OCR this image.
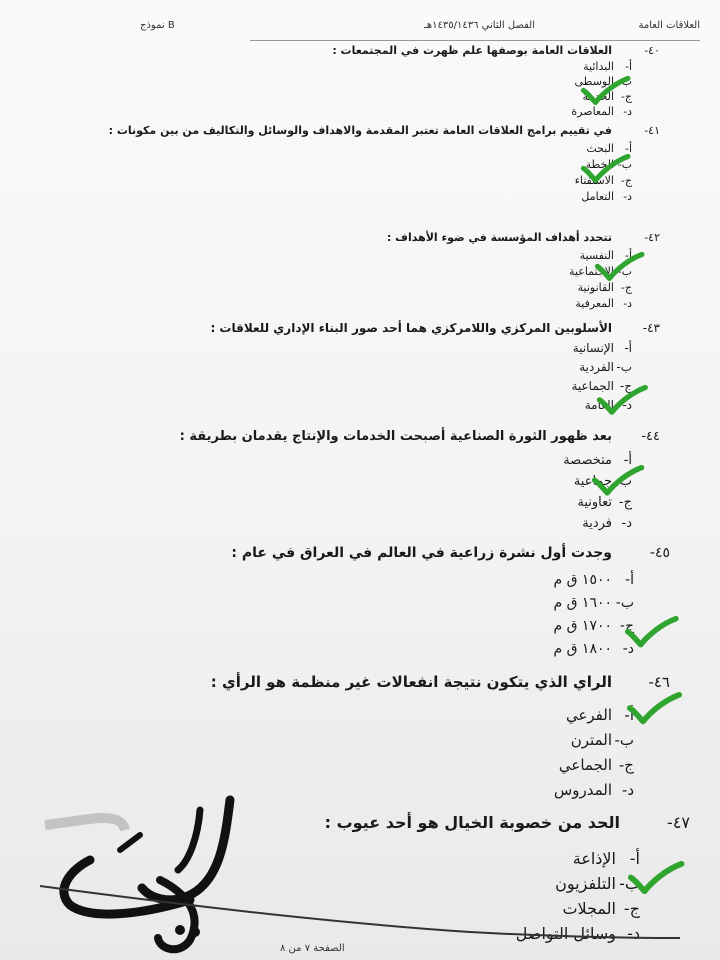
العلاقات العامة
الفصل الثاني ١٤٣٥/١٤٣٦هـ
نموذج B
٤٠-العلاقات العامة بوصفها علم ظهرت في المجتمعات :
أ-البدائية
ب-الوسطى
ج-الحديثة
د-المعاصرة
٤١-في تقييم برامج العلاقات العامة تعتبر المقدمة والاهداف والوسائل والتكاليف من بين مكونات :
أ-البحث
ب-الخطة
ج-الاستفتاء
د-التعامل
٤٢-تتحدد أهداف المؤسسة في ضوء الأهداف :
أ-النفسية
ب-الاجتماعية
ج-القانونية
د-المعرفية
٤٣-الأسلوبين المركزي واللامركزي هما أحد صور البناء الإداري للعلاقات :
أ-الإنسانية
ب-الفردية
ج-الجماعية
د-العامة
٤٤-بعد ظهور الثورة الصناعية أصبحت الخدمات والإنتاج يقدمان بطريقة :
أ-متخصصة
ب-جماعية
ج-تعاونية
د-فردية
٤٥-وجدت أول نشرة زراعية في العالم في العراق في عام :
أ-١٥٠٠ ق م
ب-١٦٠٠ ق م
ج-١٧٠٠ ق م
د-١٨٠٠ ق م
٤٦-الراي الذي يتكون نتيجة انفعالات غير منظمة هو الرأي :
أ-الفرعي
ب-المترن
ج-الجماعي
د-المدروس
٤٧-الحد من خصوبة الخيال هو أحد عيوب :
أ-الإذاعة
ب-التلفزيون
ج-المجلات
د-وسائل التواصل
الصفحة ٧ من ٨
